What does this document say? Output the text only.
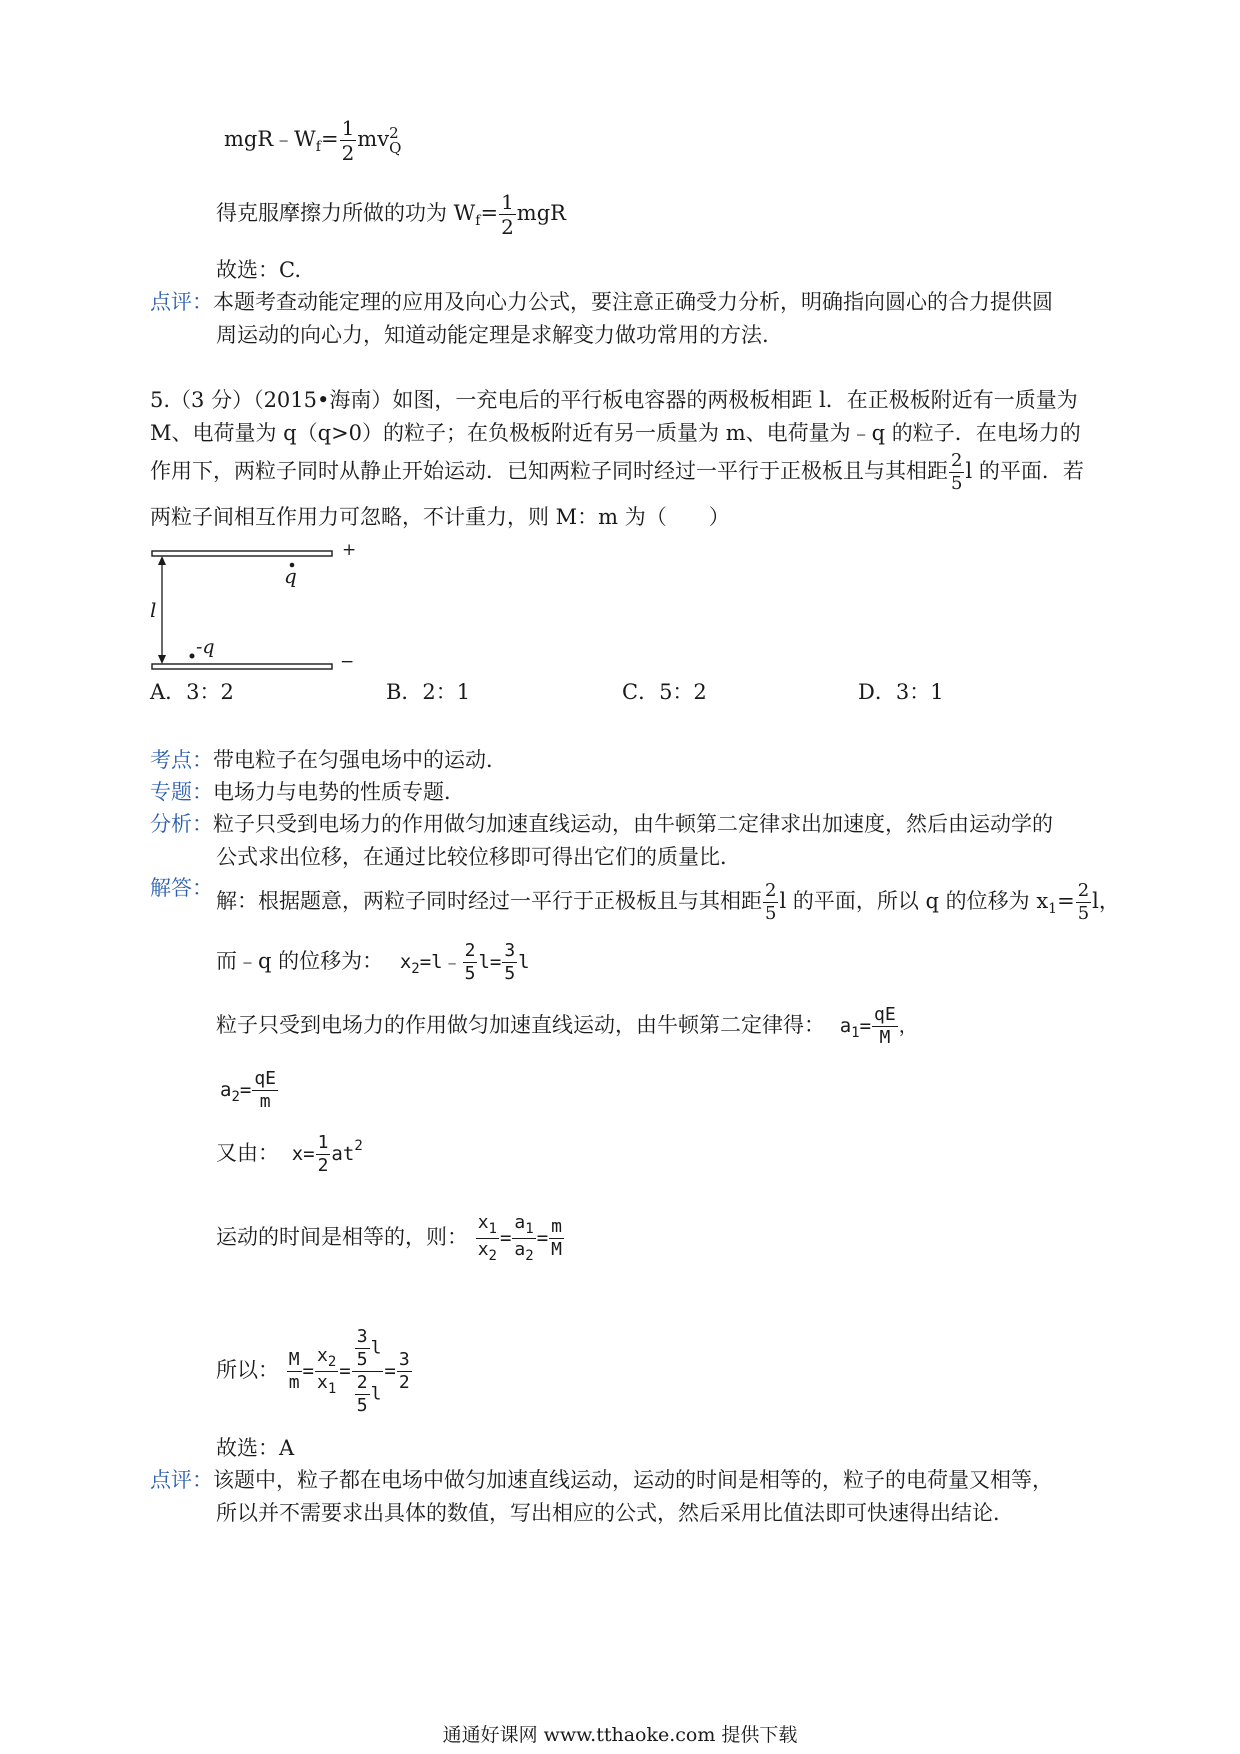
$mgR﹣W_f= \frac{1}{2}$ mv 2
Q
得克服摩擦力所做的功为 $W_f= \frac{1}{2}$ mgR
故选：C.
点评：本题考查动能定理的应用及向心力公式，要注意正确受力分析，明确指向圆心的合力提供圆
周运动的向心力，知道动能定理是求解变力做功常用的方法.
5.（3 分）（2015•海南）如图，一充电后的平行板电容器的两极板相距 l．在正极板附近有一质量为
M、电荷量为 q（q>0）的粒子；在负极板附近有另一质量为 m、电荷量为﹣q 的粒子．在电场力的
作用下，两粒子同时从静止开始运动．已知两粒子同时经过一平行于正极板且与其相距 $\frac{2}{5}$ l 的平面．若
两粒子间相互作用力可忽略，不计重力，则 M：m 为（　　）
+
−
q
-q
l
A．3：2	B．2：1	C．5：2	D．3：1
考点：带电粒子在匀强电场中的运动．
专题：电场力与电势的性质专题．
分析：粒子只受到电场力的作用做匀加速直线运动，由牛顿第二定律求出加速度，然后由运动学的
公式求出位移，在通过比较位移即可得出它们的质量比．
解答：
解：根据题意，两粒子同时经过一平行于正极板且与其相距 $\frac{2}{5}$ l 的平面，所以 q 的位移为 $x_1= \frac{2}{5}$ l，
而﹣q 的位移为： $x_2=l﹣ \frac{2}{5} l= \frac{3}{5}$ l
粒子只受到电场力的作用做匀加速直线运动，由牛顿第二定律得： $a_1= \frac{qE}{M}$ ，
$a_2= \frac{qE}{m}$
又由： $x= \frac{1}{2} at^2$
运动的时间是相等的，则： $\frac{x_1}{x_2} = \frac{a_1}{a_2} = \frac{m}{M}$
所以： $\frac{M}{m} = \frac{x_2}{x_1} = \frac{\frac{3}{5} l}{\frac{2}{5} l} = \frac{3}{2}$
故选：A
点评：该题中，粒子都在电场中做匀加速直线运动，运动的时间是相等的，粒子的电荷量又相等，
所以并不需要求出具体的数值，写出相应的公式，然后采用比值法即可快速得出结论．
通通好课网 www.tthaoke.com 提供下载
